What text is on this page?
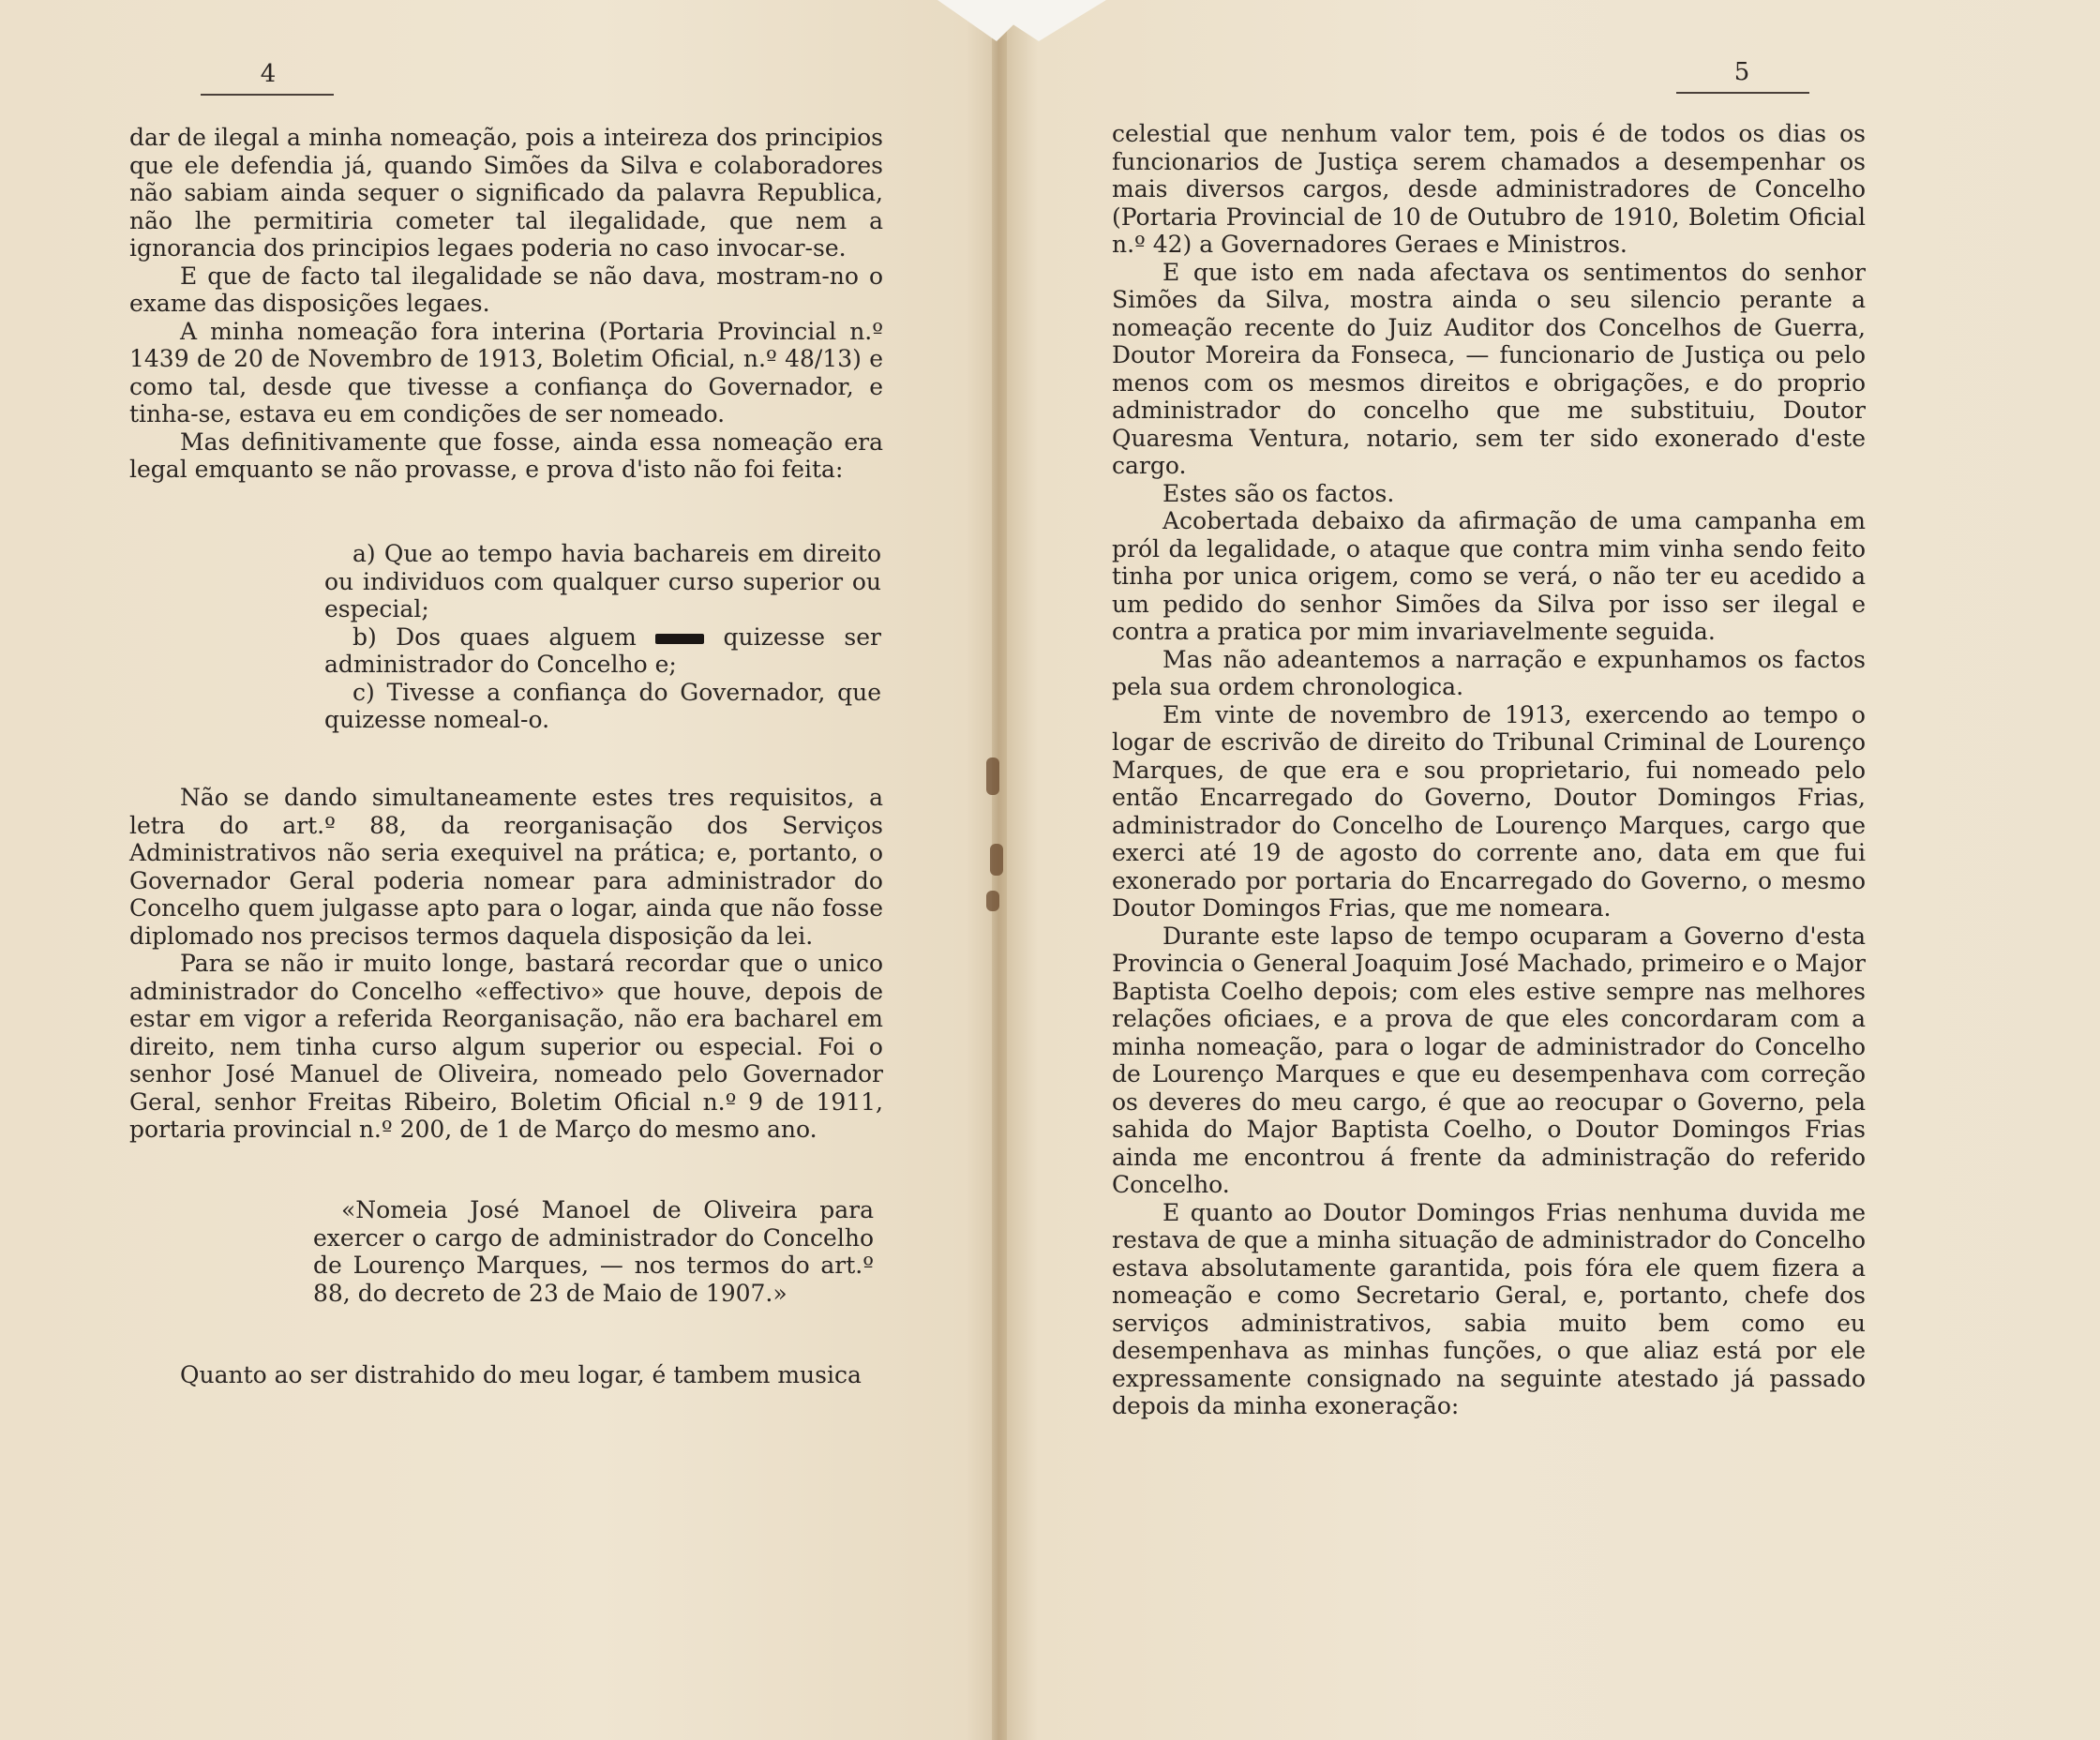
4

dar de ilegal a minha nomeação, pois a inteireza dos principios que ele defendia já, quando Simões da Silva e colaboradores não sabiam ainda sequer o significado da palavra Republica, não lhe permitiria cometer tal ilegalidade, que nem a ignorancia dos principios legaes poderia no caso invocar-se.

E que de facto tal ilegalidade se não dava, mostram-no o exame das disposições legaes.

A minha nomeação fora interina (Portaria Provincial n.º 1439 de 20 de Novembro de 1913, Boletim Oficial, n.º 48/13) e como tal, desde que tivesse a confiança do Governador, e tinha-se, estava eu em condições de ser nomeado.

Mas definitivamente que fosse, ainda essa nomeação era legal emquanto se não provasse, e prova d'isto não foi feita:

a) Que ao tempo havia bachareis em direito ou individuos com qualquer curso superior ou especial;

b) Dos quaes alguem	quizesse ser administrador do Concelho e;

c) Tivesse a confiança do Governador, que quizesse nomeal-o.

Não se dando simultaneamente estes tres requisitos, a letra do art.º 88, da reorganisação dos Serviços Administrativos não seria exequivel na prática; e, portanto, o Governador Geral poderia nomear para administrador do Concelho quem julgasse apto para o logar, ainda que não fosse diplomado nos precisos termos daquela disposição da lei.

Para se não ir muito longe, bastará recordar que o unico administrador do Concelho «effectivo» que houve, depois de estar em vigor a referida Reorganisação, não era bacharel em direito, nem tinha curso algum superior ou especial. Foi o senhor José Manuel de Oliveira, nomeado pelo Governador Geral, senhor Freitas Ribeiro, Boletim Oficial n.º 9 de 1911, portaria provincial n.º 200, de 1 de Março do mesmo ano.

«Nomeia José Manoel de Oliveira para exercer o cargo de administrador do Concelho de Lourenço Marques, — nos termos do art.º 88, do decreto de 23 de Maio de 1907.»

Quanto ao ser distrahido do meu logar, é tambem musica

5

celestial que nenhum valor tem, pois é de todos os dias os funcionarios de Justiça serem chamados a desempenhar os mais diversos cargos, desde administradores de Concelho (Portaria Provincial de 10 de Outubro de 1910, Boletim Oficial n.º 42) a Governadores Geraes e Ministros.

E que isto em nada afectava os sentimentos do senhor Simões da Silva, mostra ainda o seu silencio perante a nomeação recente do Juiz Auditor dos Concelhos de Guerra, Doutor Moreira da Fonseca, — funcionario de Justiça ou pelo menos com os mesmos direitos e obrigações, e do proprio administrador do concelho que me substituiu, Doutor Quaresma Ventura, notario, sem ter sido exonerado d'este cargo.

Estes são os factos.

Acobertada debaixo da afirmação de uma campanha em pról da legalidade, o ataque que contra mim vinha sendo feito tinha por unica origem, como se verá, o não ter eu acedido a um pedido do senhor Simões da Silva por isso ser ilegal e contra a pratica por mim invariavelmente seguida.

Mas não adeantemos a narração e expunhamos os factos pela sua ordem chronologica.

Em vinte de novembro de 1913, exercendo ao tempo o logar de escrivão de direito do Tribunal Criminal de Lourenço Marques, de que era e sou proprietario, fui nomeado pelo então Encarregado do Governo, Doutor Domingos Frias, administrador do Concelho de Lourenço Marques, cargo que exerci até 19 de agosto do corrente ano, data em que fui exonerado por portaria do Encarregado do Governo, o mesmo Doutor Domingos Frias, que me nomeara.

Durante este lapso de tempo ocuparam a Governo d'esta Provincia o General Joaquim José Machado, primeiro e o Major Baptista Coelho depois; com eles estive sempre nas melhores relações oficiaes, e a prova de que eles concordaram com a minha nomeação, para o logar de administrador do Concelho de Lourenço Marques e que eu desempenhava com correção os deveres do meu cargo, é que ao reocupar o Governo, pela sahida do Major Baptista Coelho, o Doutor Domingos Frias ainda me encontrou á frente da administração do referido Concelho.

E quanto ao Doutor Domingos Frias nenhuma duvida me restava de que a minha situação de administrador do Concelho estava absolutamente garantida, pois fóra ele quem fizera a nomeação e como Secretario Geral, e, portanto, chefe dos serviços administrativos, sabia muito bem como eu desempenhava as minhas funções, o que aliaz está por ele expressamente consignado na seguinte atestado já passado depois da minha exoneração:
